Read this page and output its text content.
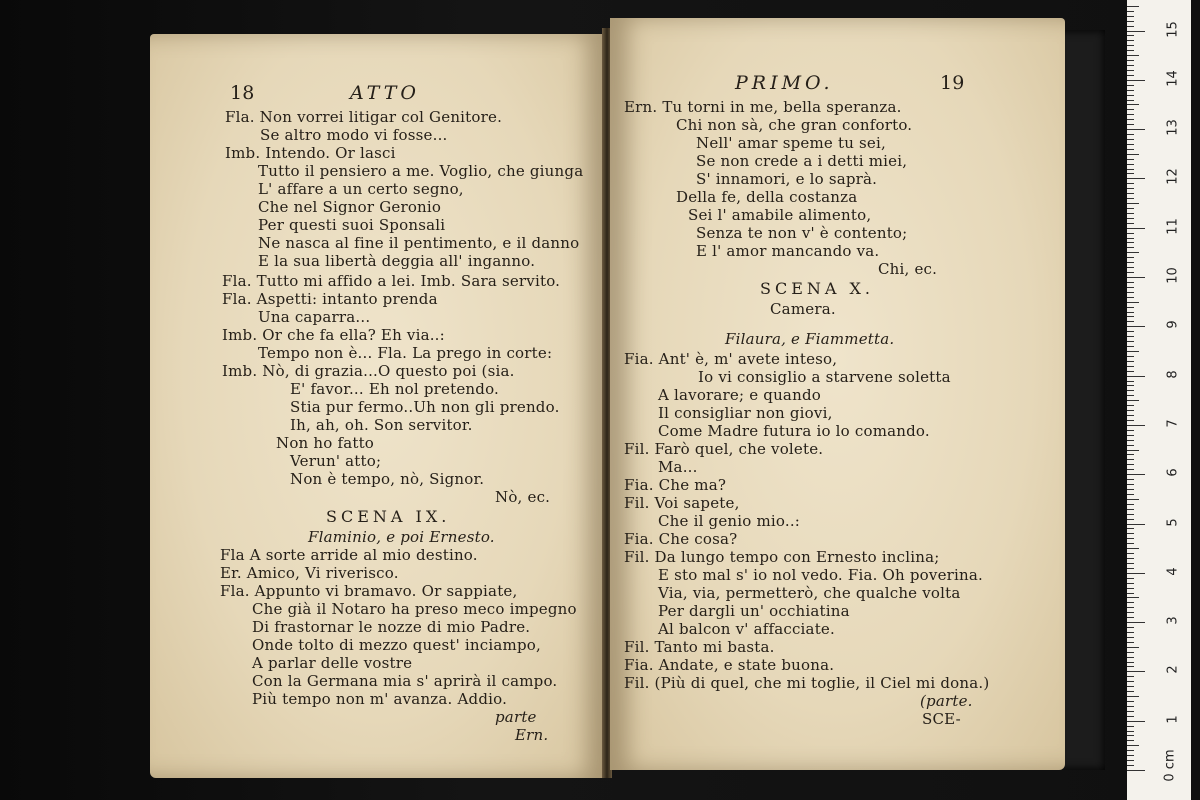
18	ATTO
Fla. Non vorrei litigar col Genitore.
Se altro modo vi fosse...
Imb. Intendo. Or lasci
Tutto il pensiero a me. Voglio, che giunga
L' affare a un certo segno,
Che nel Signor Geronio
Per questi suoi Sponsali
Ne nasca al fine il pentimento, e il danno
E la sua libertà deggia all' inganno.
Fla. Tutto mi affido a lei. Imb. Sara servito.
Fla. Aspetti: intanto prenda
Una caparra...
Imb. Or che fa ella? Eh via..:
Tempo non è... Fla. La prego in corte:
Imb. Nò, di grazia...O questo poi (sia.
E' favor... Eh nol pretendo.
Stia pur fermo..Uh non gli prendo.
Ih, ah, oh. Son servitor.
Non ho fatto
Verun' atto;
Non è tempo, nò, Signor.
Nò, ec.
SCENA IX.
Flaminio, e poi Ernesto.
Fla A sorte arride al mio destino.
Er. Amico, Vi riverisco.
Fla. Appunto vi bramavo. Or sappiate,
Che già il Notaro ha preso meco impegno
Di frastornar le nozze di mio Padre.
Onde tolto di mezzo quest' inciampo,
A parlar delle vostre
Con la Germana mia s' aprirà il campo.
Più tempo non m' avanza. Addio.
parte
Ern.
PRIMO.	19
Ern. Tu torni in me, bella speranza.
Chi non sà, che gran conforto.
Nell' amar speme tu sei,
Se non crede a i detti miei,
S' innamori, e lo saprà.
Della fe, della costanza
Sei l' amabile alimento,
Senza te non v' è contento;
E l' amor mancando va.
Chi, ec.
SCENA X.
Camera.
Filaura, e Fiammetta.
Fia. Ant' è, m' avete inteso,
Io vi consiglio a starvene soletta
A lavorare; e quando
Il consigliar non giovi,
Come Madre futura io lo comando.
Fil. Farò quel, che volete.
Ma...
Fia. Che ma?
Fil. Voi sapete,
Che il genio mio..:
Fia. Che cosa?
Fil. Da lungo tempo con Ernesto inclina;
E sto mal s' io nol vedo. Fia. Oh poverina.
Via, via, permetterò, che qualche volta
Per dargli un' occhiatina
Al balcon v' affacciate.
Fil. Tanto mi basta.
Fia. Andate, e state buona.
Fil. (Più di quel, che mi toglie, il Ciel mi dona.)
(parte.
SCE-
0 cm
1
2
3
4
5
6
7
8
9
10
11
12
13
14
15
